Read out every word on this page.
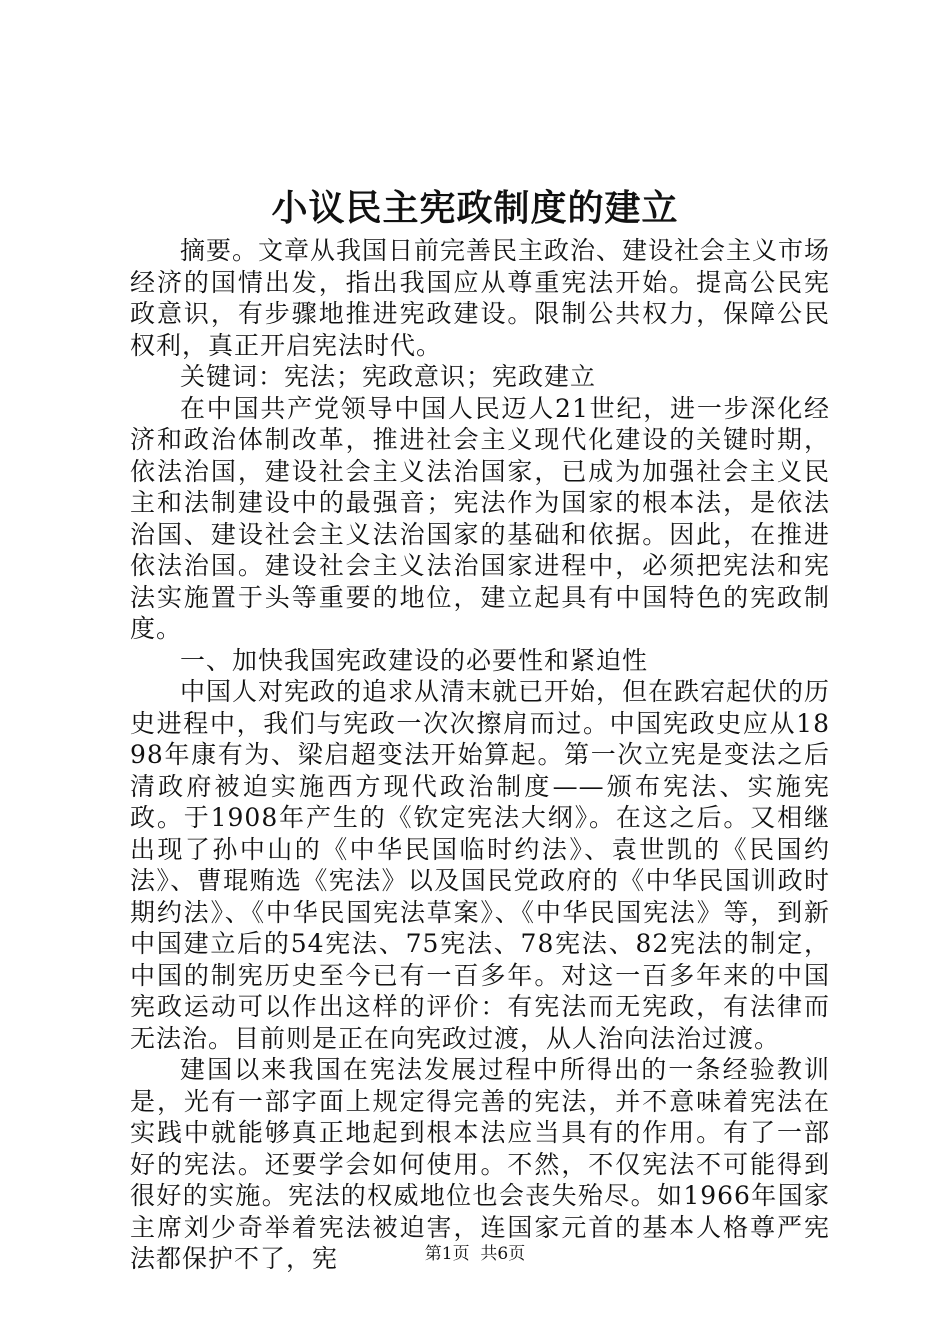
小议民主宪政制度的建立

摘要。文章从我国日前完善民主政治、建设社会主义市场经济的国情出发，指出我国应从尊重宪法开始。提高公民宪政意识，有步骤地推进宪政建设。限制公共权力，保障公民权利，真正开启宪法时代。

关键词：宪法；宪政意识；宪政建立

在中国共产党领导中国人民迈人21世纪，进一步深化经济和政治体制改革，推进社会主义现代化建设的关键时期，依法治国，建设社会主义法治国家，已成为加强社会主义民主和法制建设中的最强音；宪法作为国家的根本法，是依法治国、建设社会主义法治国家的基础和依据。因此，在推进依法治国。建设社会主义法治国家进程中，必须把宪法和宪法实施置于头等重要的地位，建立起具有中国特色的宪政制度。

一、加快我国宪政建设的必要性和紧迫性

中国人对宪政的追求从清末就已开始，但在跌宕起伏的历史进程中，我们与宪政一次次擦肩而过。中国宪政史应从1898年康有为、梁启超变法开始算起。第一次立宪是变法之后清政府被迫实施西方现代政治制度——颁布宪法、实施宪政。于1908年产生的《钦定宪法大纲》。在这之后。又相继出现了孙中山的《中华民国临时约法》、袁世凯的《民国约法》、曹琨贿选《宪法》以及国民党政府的《中华民国训政时期约法》、《中华民国宪法草案》、《中华民国宪法》等，到新中国建立后的54宪法、75宪法、78宪法、82宪法的制定，中国的制宪历史至今已有一百多年。对这一百多年来的中国宪政运动可以作出这样的评价：有宪法而无宪政，有法律而无法治。目前则是正在向宪政过渡，从人治向法治过渡。

建国以来我国在宪法发展过程中所得出的一条经验教训是，光有一部字面上规定得完善的宪法，并不意味着宪法在实践中就能够真正地起到根本法应当具有的作用。有了一部好的宪法。还要学会如何使用。不然，不仅宪法不可能得到很好的实施。宪法的权威地位也会丧失殆尽。如1966年国家主席刘少奇举着宪法被迫害，连国家元首的基本人格尊严宪法都保护不了，宪	第1页  共6页
